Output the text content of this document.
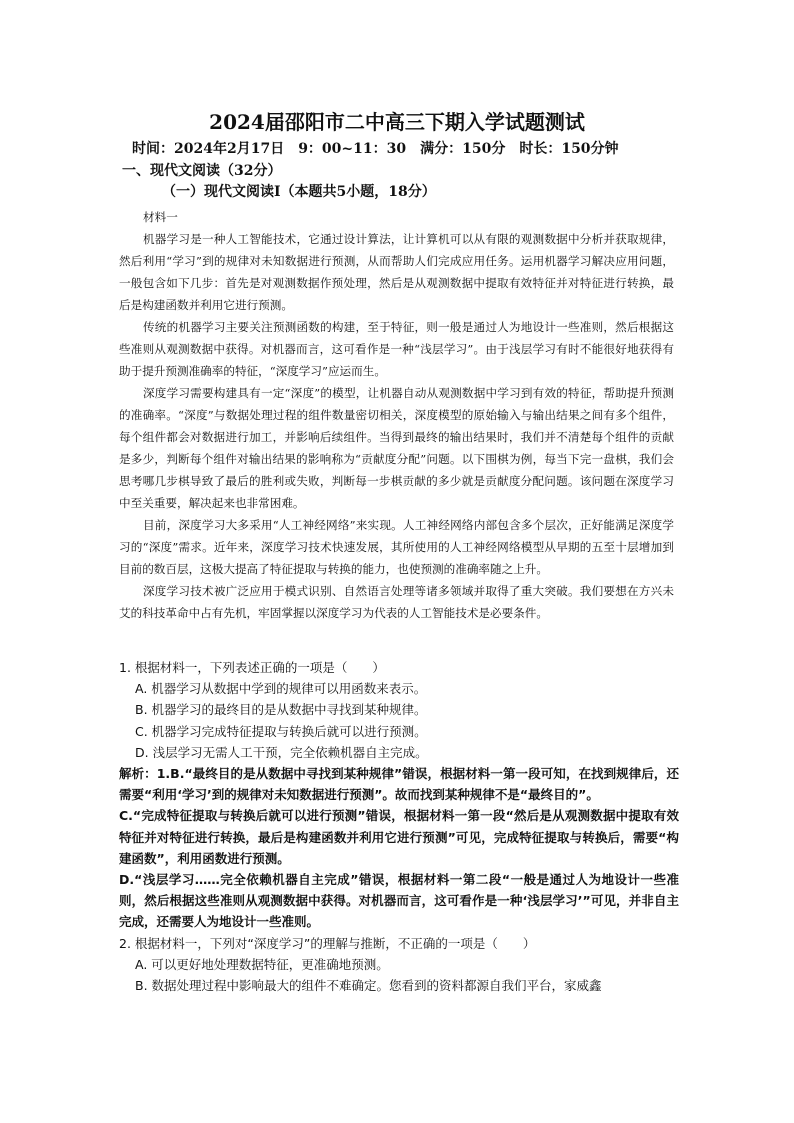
2024届邵阳市二中高三下期入学试题测试
时间：2024年2月17日　9：00~11：30　满分：150分　时长：150分钟
一、现代文阅读（32分）
（一）现代文阅读Ⅰ（本题共5小题，18分）

材料一

机器学习是一种人工智能技术，它通过设计算法，让计算机可以从有限的观测数据中分析并获取规律，然后利用“学习”到的规律对未知数据进行预测，从而帮助人们完成应用任务。运用机器学习解决应用问题，一般包含如下几步：首先是对观测数据作预处理，然后是从观测数据中提取有效特征并对特征进行转换，最后是构建函数并利用它进行预测。

传统的机器学习主要关注预测函数的构建，至于特征，则一般是通过人为地设计一些准则，然后根据这些准则从观测数据中获得。对机器而言，这可看作是一种“浅层学习”。由于浅层学习有时不能很好地获得有助于提升预测准确率的特征，“深度学习”应运而生。

深度学习需要构建具有一定“深度”的模型，让机器自动从观测数据中学习到有效的特征，帮助提升预测的准确率。“深度”与数据处理过程的组件数量密切相关，深度模型的原始输入与输出结果之间有多个组件，每个组件都会对数据进行加工，并影响后续组件。当得到最终的输出结果时，我们并不清楚每个组件的贡献是多少，判断每个组件对输出结果的影响称为“贡献度分配”问题。以下围棋为例，每当下完一盘棋，我们会思考哪几步棋导致了最后的胜利或失败，判断每一步棋贡献的多少就是贡献度分配问题。该问题在深度学习中至关重要，解决起来也非常困难。

目前，深度学习大多采用“人工神经网络”来实现。人工神经网络内部包含多个层次，正好能满足深度学习的“深度”需求。近年来，深度学习技术快速发展，其所使用的人工神经网络模型从早期的五至十层增加到目前的数百层，这极大提高了特征提取与转换的能力，也使预测的准确率随之上升。

深度学习技术被广泛应用于模式识别、自然语言处理等诸多领域并取得了重大突破。我们要想在方兴未艾的科技革命中占有先机，牢固掌握以深度学习为代表的人工智能技术是必要条件。

1. 根据材料一，下列表述正确的一项是（　　）

A. 机器学习从数据中学到的规律可以用函数来表示。

B. 机器学习的最终目的是从数据中寻找到某种规律。

C. 机器学习完成特征提取与转换后就可以进行预测。

D. 浅层学习无需人工干预，完全依赖机器自主完成。

解析：1.B.“最终目的是从数据中寻找到某种规律”错误，根据材料一第一段可知，在找到规律后，还需要“利用‘学习’到的规律对未知数据进行预测”。故而找到某种规律不是“最终目的”。

C.“完成特征提取与转换后就可以进行预测”错误，根据材料一第一段“然后是从观测数据中提取有效特征并对特征进行转换，最后是构建函数并利用它进行预测”可见，完成特征提取与转换后，需要“构建函数”，利用函数进行预测。

D.“浅层学习……完全依赖机器自主完成”错误，根据材料一第二段“一般是通过人为地设计一些准则，然后根据这些准则从观测数据中获得。对机器而言，这可看作是一种‘浅层学习’”可见，并非自主完成，还需要人为地设计一些准则。

2. 根据材料一，下列对“深度学习”的理解与推断，不正确的一项是（　　）

A. 可以更好地处理数据特征，更准确地预测。

B. 数据处理过程中影响最大的组件不难确定。您看到的资料都源自我们平台，家威鑫
